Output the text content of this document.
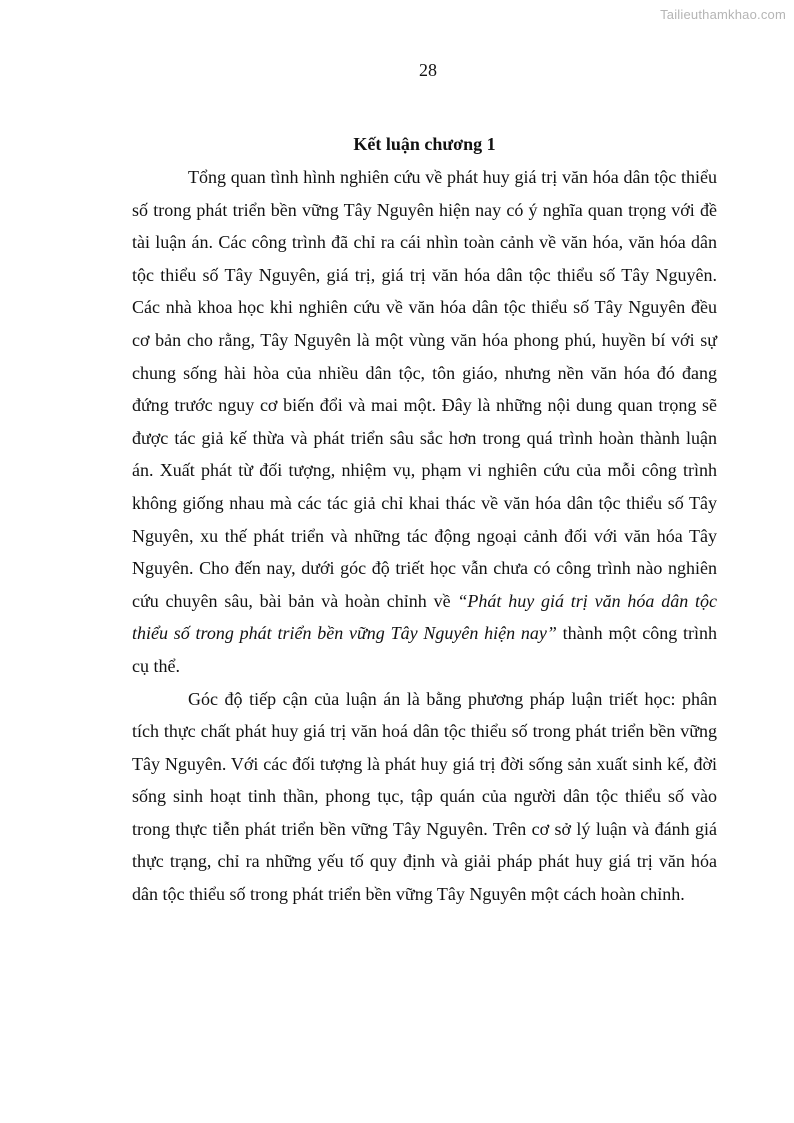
Tailieuthamkhao.com
28
Kết luận chương 1

Tổng quan tình hình nghiên cứu về phát huy giá trị văn hóa dân tộc thiểu số trong phát triển bền vững Tây Nguyên hiện nay có ý nghĩa quan trọng với đề tài luận án. Các công trình đã chỉ ra cái nhìn toàn cảnh về văn hóa, văn hóa dân tộc thiểu số Tây Nguyên, giá trị, giá trị văn hóa dân tộc thiểu số Tây Nguyên. Các nhà khoa học khi nghiên cứu về văn hóa dân tộc thiểu số Tây Nguyên đều cơ bản cho rằng, Tây Nguyên là một vùng văn hóa phong phú, huyền bí với sự chung sống hài hòa của nhiều dân tộc, tôn giáo, nhưng nền văn hóa đó đang đứng trước nguy cơ biến đổi và mai một. Đây là những nội dung quan trọng sẽ được tác giả kế thừa và phát triển sâu sắc hơn trong quá trình hoàn thành luận án. Xuất phát từ đối tượng, nhiệm vụ, phạm vi nghiên cứu của mỗi công trình không giống nhau mà các tác giả chỉ khai thác về văn hóa dân tộc thiểu số Tây Nguyên, xu thế phát triển và những tác động ngoại cảnh đối với văn hóa Tây Nguyên. Cho đến nay, dưới góc độ triết học vẫn chưa có công trình nào nghiên cứu chuyên sâu, bài bản và hoàn chỉnh về “Phát huy giá trị văn hóa dân tộc thiểu số trong phát triển bền vững Tây Nguyên hiện nay” thành một công trình cụ thể.

Góc độ tiếp cận của luận án là bằng phương pháp luận triết học: phân tích thực chất phát huy giá trị văn hoá dân tộc thiểu số trong phát triển bền vững Tây Nguyên. Với các đối tượng là phát huy giá trị đời sống sản xuất sinh kế, đời sống sinh hoạt tinh thần, phong tục, tập quán của người dân tộc thiểu số vào trong thực tiễn phát triển bền vững Tây Nguyên. Trên cơ sở lý luận và đánh giá thực trạng, chỉ ra những yếu tố quy định và giải pháp phát huy giá trị văn hóa dân tộc thiểu số trong phát triển bền vững Tây Nguyên một cách hoàn chỉnh.
